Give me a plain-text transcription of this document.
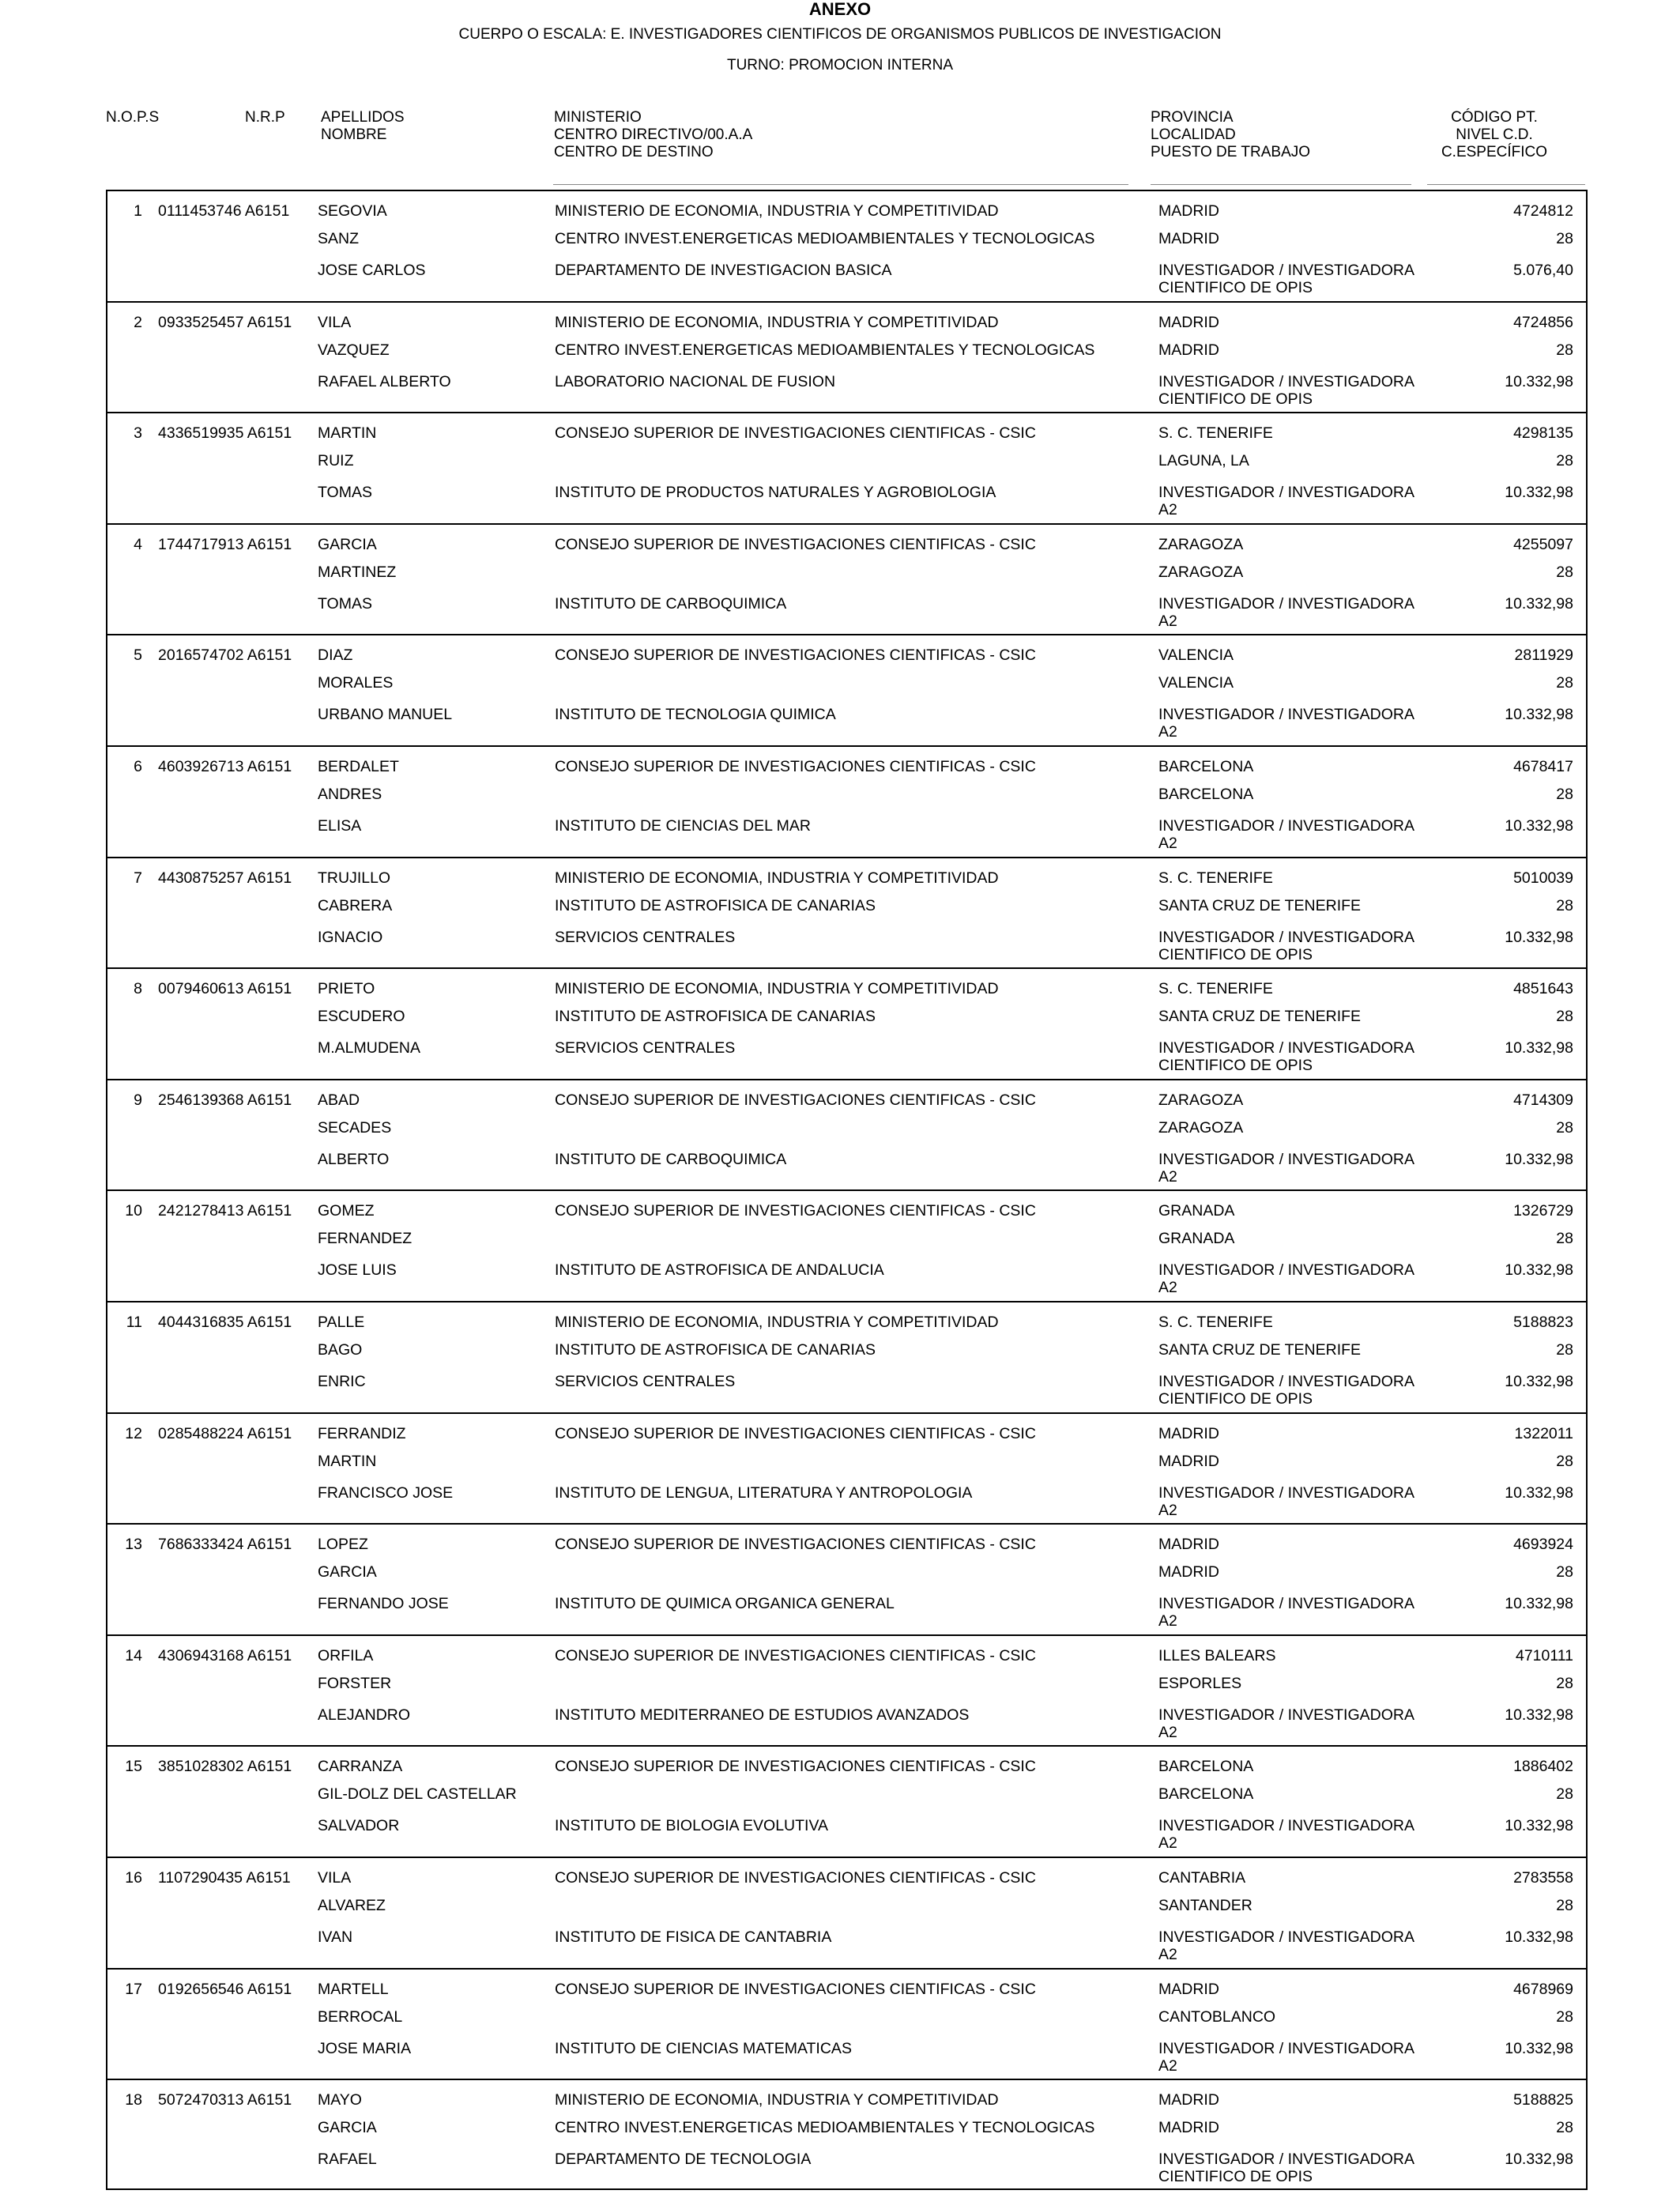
ANEXO
CUERPO O ESCALA: E. INVESTIGADORES CIENTIFICOS DE ORGANISMOS PUBLICOS DE INVESTIGACION
TURNO: PROMOCION INTERNA
N.O.P.S	N.R.P APELLIDOS
NOMBRE
MINISTERIO
CENTRO DIRECTIVO/00.A.A
CENTRO DE DESTINO
PROVINCIA
LOCALIDAD
PUESTO DE TRABAJO
CÓDIGO PT.
NIVEL C.D.
C.ESPECÍFICO
1 0111453746 A6151 SEGOVIA
SANZ
JOSE CARLOS
MINISTERIO DE ECONOMIA, INDUSTRIA Y COMPETITIVIDAD
CENTRO INVEST.ENERGETICAS MEDIOAMBIENTALES Y TECNOLOGICAS
DEPARTAMENTO DE INVESTIGACION BASICA
MADRID
MADRID
INVESTIGADOR / INVESTIGADORA
CIENTIFICO DE OPIS
4724812
28
5.076,40
2 0933525457 A6151 VILA
VAZQUEZ
RAFAEL ALBERTO
MINISTERIO DE ECONOMIA, INDUSTRIA Y COMPETITIVIDAD
CENTRO INVEST.ENERGETICAS MEDIOAMBIENTALES Y TECNOLOGICAS
LABORATORIO NACIONAL DE FUSION
MADRID
MADRID
INVESTIGADOR / INVESTIGADORA
CIENTIFICO DE OPIS
4724856
28
10.332,98
3 4336519935 A6151 MARTIN
RUIZ
TOMAS
CONSEJO SUPERIOR DE INVESTIGACIONES CIENTIFICAS - CSIC
INSTITUTO DE PRODUCTOS NATURALES Y AGROBIOLOGIA
S. C. TENERIFE
LAGUNA, LA
INVESTIGADOR / INVESTIGADORA
A2
4298135
28
10.332,98
4 1744717913 A6151 GARCIA
MARTINEZ
TOMAS
CONSEJO SUPERIOR DE INVESTIGACIONES CIENTIFICAS - CSIC
INSTITUTO DE CARBOQUIMICA
ZARAGOZA
ZARAGOZA
INVESTIGADOR / INVESTIGADORA
A2
4255097
28
10.332,98
5 2016574702 A6151 DIAZ
MORALES
URBANO MANUEL
CONSEJO SUPERIOR DE INVESTIGACIONES CIENTIFICAS - CSIC
INSTITUTO DE TECNOLOGIA QUIMICA
VALENCIA
VALENCIA
INVESTIGADOR / INVESTIGADORA
A2
2811929
28
10.332,98
6 4603926713 A6151 BERDALET
ANDRES
ELISA
CONSEJO SUPERIOR DE INVESTIGACIONES CIENTIFICAS - CSIC
INSTITUTO DE CIENCIAS DEL MAR
BARCELONA
BARCELONA
INVESTIGADOR / INVESTIGADORA
A2
4678417
28
10.332,98
7 4430875257 A6151 TRUJILLO
CABRERA
IGNACIO
MINISTERIO DE ECONOMIA, INDUSTRIA Y COMPETITIVIDAD
INSTITUTO DE ASTROFISICA DE CANARIAS
SERVICIOS CENTRALES
S. C. TENERIFE
SANTA CRUZ DE TENERIFE
INVESTIGADOR / INVESTIGADORA
CIENTIFICO DE OPIS
5010039
28
10.332,98
8 0079460613 A6151 PRIETO
ESCUDERO
M.ALMUDENA
MINISTERIO DE ECONOMIA, INDUSTRIA Y COMPETITIVIDAD
INSTITUTO DE ASTROFISICA DE CANARIAS
SERVICIOS CENTRALES
S. C. TENERIFE
SANTA CRUZ DE TENERIFE
INVESTIGADOR / INVESTIGADORA
CIENTIFICO DE OPIS
4851643
28
10.332,98
9 2546139368 A6151 ABAD
SECADES
ALBERTO
CONSEJO SUPERIOR DE INVESTIGACIONES CIENTIFICAS - CSIC
INSTITUTO DE CARBOQUIMICA
ZARAGOZA
ZARAGOZA
INVESTIGADOR / INVESTIGADORA
A2
4714309
28
10.332,98
10 2421278413 A6151 GOMEZ
FERNANDEZ
JOSE LUIS
CONSEJO SUPERIOR DE INVESTIGACIONES CIENTIFICAS - CSIC
INSTITUTO DE ASTROFISICA DE ANDALUCIA
GRANADA
GRANADA
INVESTIGADOR / INVESTIGADORA
A2
1326729
28
10.332,98
11 4044316835 A6151 PALLE
BAGO
ENRIC
MINISTERIO DE ECONOMIA, INDUSTRIA Y COMPETITIVIDAD
INSTITUTO DE ASTROFISICA DE CANARIAS
SERVICIOS CENTRALES
S. C. TENERIFE
SANTA CRUZ DE TENERIFE
INVESTIGADOR / INVESTIGADORA
CIENTIFICO DE OPIS
5188823
28
10.332,98
12 0285488224 A6151 FERRANDIZ
MARTIN
FRANCISCO JOSE
CONSEJO SUPERIOR DE INVESTIGACIONES CIENTIFICAS - CSIC
INSTITUTO DE LENGUA, LITERATURA Y ANTROPOLOGIA
MADRID
MADRID
INVESTIGADOR / INVESTIGADORA
A2
1322011
28
10.332,98
13 7686333424 A6151 LOPEZ
GARCIA
FERNANDO JOSE
CONSEJO SUPERIOR DE INVESTIGACIONES CIENTIFICAS - CSIC
INSTITUTO DE QUIMICA ORGANICA GENERAL
MADRID
MADRID
INVESTIGADOR / INVESTIGADORA
A2
4693924
28
10.332,98
14 4306943168 A6151 ORFILA
FORSTER
ALEJANDRO
CONSEJO SUPERIOR DE INVESTIGACIONES CIENTIFICAS - CSIC
INSTITUTO MEDITERRANEO DE ESTUDIOS AVANZADOS
ILLES BALEARS
ESPORLES
INVESTIGADOR / INVESTIGADORA
A2
4710111
28
10.332,98
15 3851028302 A6151 CARRANZA
GIL-DOLZ DEL CASTELLAR
SALVADOR
CONSEJO SUPERIOR DE INVESTIGACIONES CIENTIFICAS - CSIC
INSTITUTO DE BIOLOGIA EVOLUTIVA
BARCELONA
BARCELONA
INVESTIGADOR / INVESTIGADORA
A2
1886402
28
10.332,98
16 1107290435 A6151 VILA
ALVAREZ
IVAN
CONSEJO SUPERIOR DE INVESTIGACIONES CIENTIFICAS - CSIC
INSTITUTO DE FISICA DE CANTABRIA
CANTABRIA
SANTANDER
INVESTIGADOR / INVESTIGADORA
A2
2783558
28
10.332,98
17 0192656546 A6151 MARTELL
BERROCAL
JOSE MARIA
CONSEJO SUPERIOR DE INVESTIGACIONES CIENTIFICAS - CSIC
INSTITUTO DE CIENCIAS MATEMATICAS
MADRID
CANTOBLANCO
INVESTIGADOR / INVESTIGADORA
A2
4678969
28
10.332,98
18 5072470313 A6151 MAYO
GARCIA
RAFAEL
MINISTERIO DE ECONOMIA, INDUSTRIA Y COMPETITIVIDAD
CENTRO INVEST.ENERGETICAS MEDIOAMBIENTALES Y TECNOLOGICAS
DEPARTAMENTO DE TECNOLOGIA
MADRID
MADRID
INVESTIGADOR / INVESTIGADORA
CIENTIFICO DE OPIS
5188825
28
10.332,98
